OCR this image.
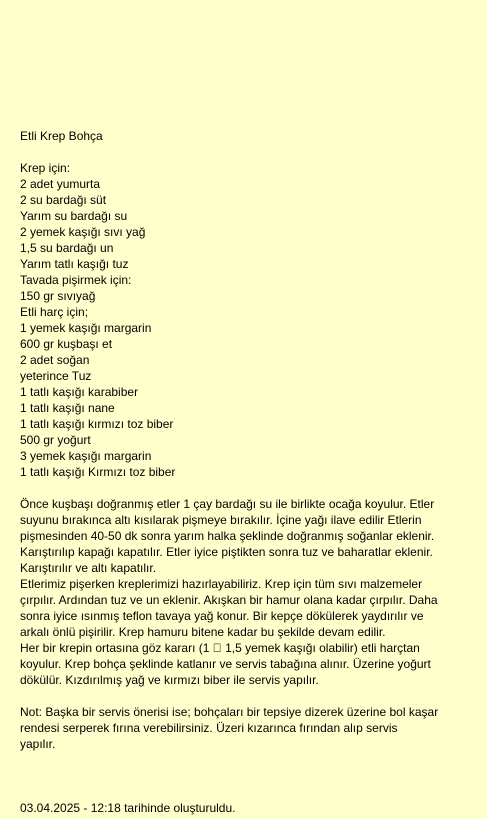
Etli Krep Bohça
Krep için:
2 adet yumurta
2 su bardağı süt
Yarım su bardağı su
2 yemek kaşığı sıvı yağ
1,5 su bardağı un
Yarım tatlı kaşığı tuz
Tavada pişirmek için:
150 gr sıvıyağ
Etli harç için;
1 yemek kaşığı margarin
600 gr kuşbaşı et
2 adet soğan
yeterince Tuz
1 tatlı kaşığı karabiber
1 tatlı kaşığı nane
1 tatlı kaşığı kırmızı toz biber
500 gr yoğurt
3 yemek kaşığı margarin
1 tatlı kaşığı Kırmızı toz biber
Önce kuşbaşı doğranmış etler 1 çay bardağı su ile birlikte ocağa koyulur. Etler
suyunu bırakınca altı kısılarak pişmeye bırakılır. İçine yağı ilave edilir Etlerin
pişmesinden 40-50 dk sonra yarım halka şeklinde doğranmış soğanlar eklenir.
Karıştırılıp kapağı kapatılır. Etler iyice piştikten sonra tuz ve baharatlar eklenir.
Karıştırılır ve altı kapatılır.
Etlerimiz pişerken kreplerimizi hazırlayabiliriz. Krep için tüm sıvı malzemeler
çırpılır. Ardından tuz ve un eklenir. Akışkan bir hamur olana kadar çırpılır. Daha
sonra iyice ısınmış teflon tavaya yağ konur. Bir kepçe dökülerek yaydırılır ve
arkalı önlü pişirilir. Krep hamuru bitene kadar bu şekilde devam edilir.
Her bir krepin ortasına göz kararı (1   1,5 yemek kaşığı olabilir) etli harçtan
koyulur. Krep bohça şeklinde katlanır ve servis tabağına alınır. Üzerine yoğurt
dökülür. Kızdırılmış yağ ve kırmızı biber ile servis yapılır.
Not: Başka bir servis önerisi ise; bohçaları bir tepsiye dizerek üzerine bol kaşar
rendesi serperek fırına verebilirsiniz. Üzeri kızarınca fırından alıp servis
yapılır.
03.04.2025 - 12:18 tarihinde oluşturuldu.
